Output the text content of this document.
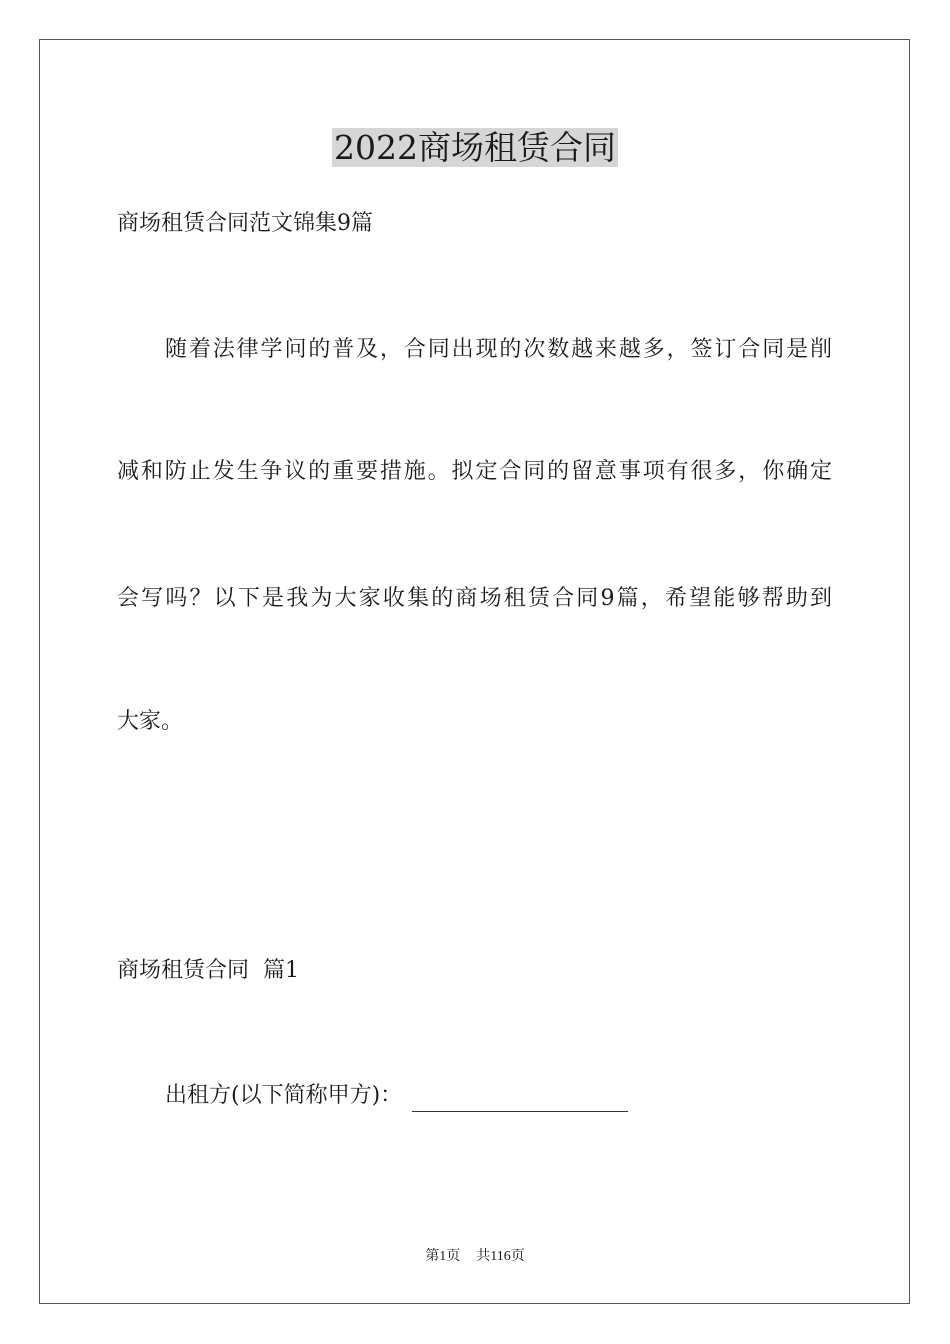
2022商场租赁合同
商场租赁合同范文锦集9篇
随着法律学问的普及，合同出现的次数越来越多，签订合同是削
减和防止发生争议的重要措施。拟定合同的留意事项有很多，你确定
会写吗？以下是我为大家收集的商场租赁合同9篇，希望能够帮助到
大家。
商场租赁合同  篇1
出租方(以下简称甲方)：
第1页 共116页
